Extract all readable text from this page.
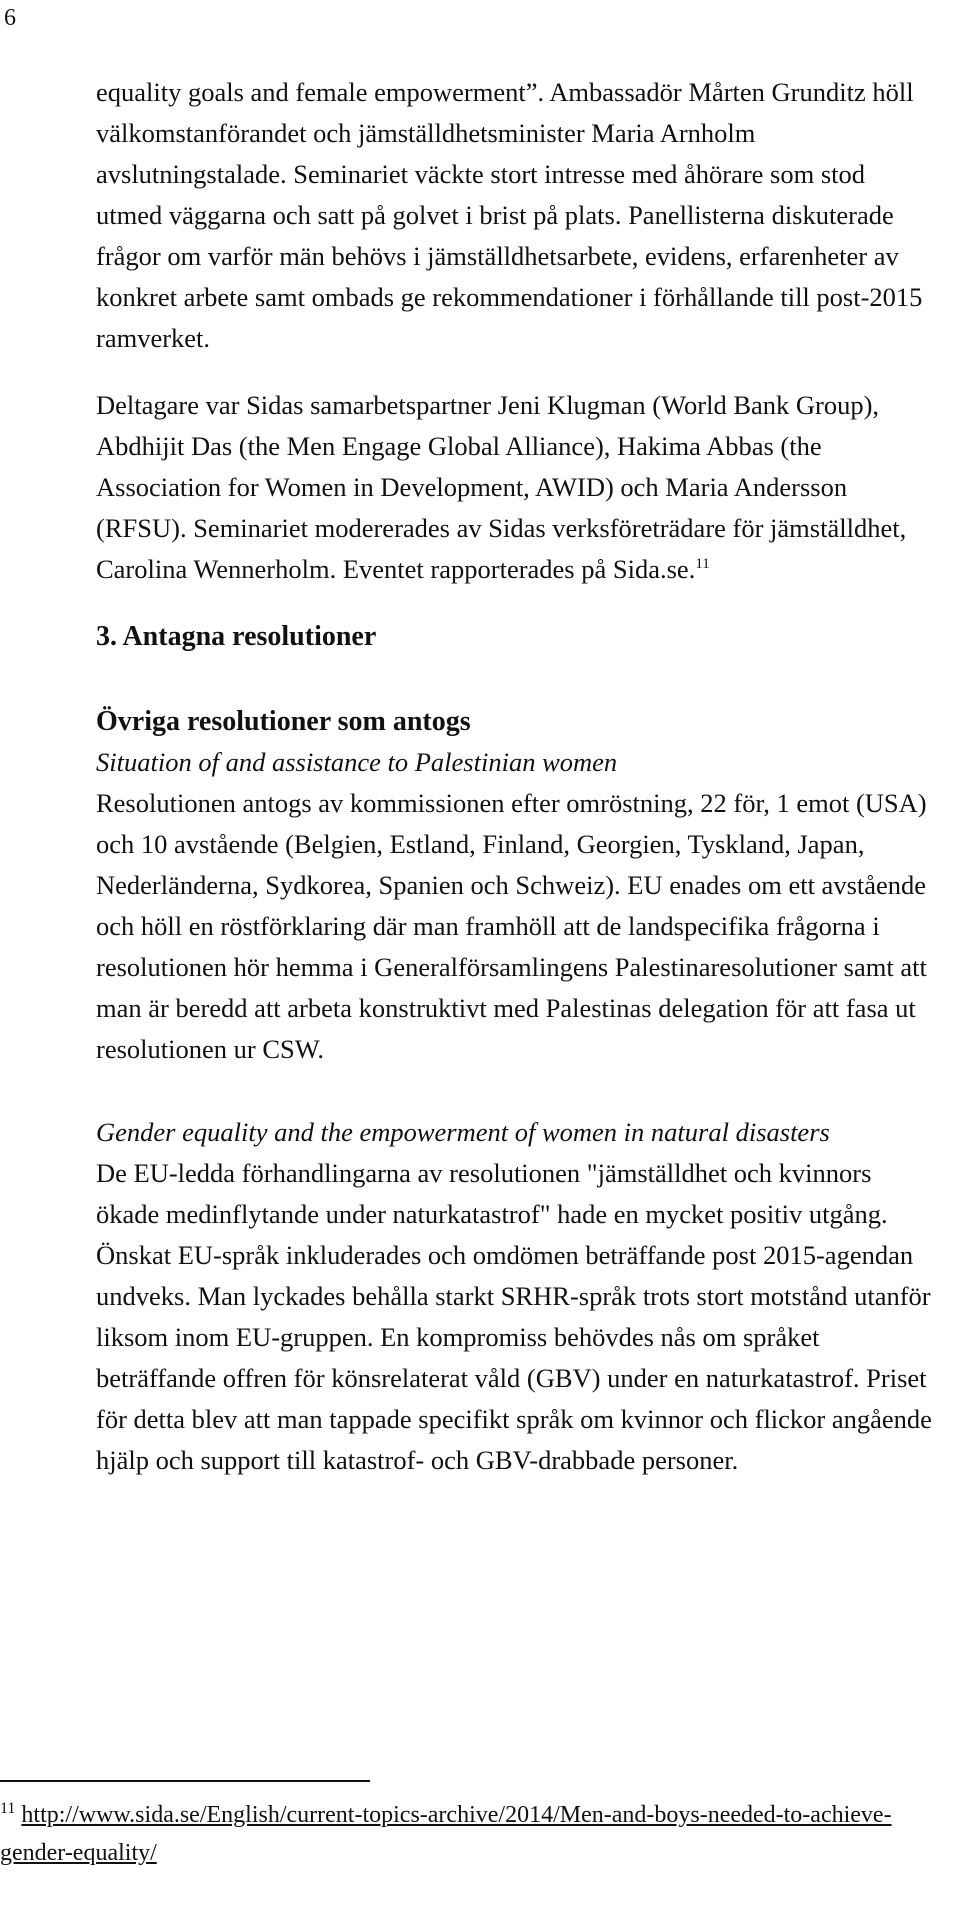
6

equality goals and female empowerment”. Ambassadör Mårten Grunditz höll välkomstanförandet och jämställdhetsminister Maria Arnholm avslutningstalade. Seminariet väckte stort intresse med åhörare som stod utmed väggarna och satt på golvet i brist på plats. Panellisterna diskuterade frågor om varför män behövs i jämställdhetsarbete, evidens, erfarenheter av konkret arbete samt ombads ge rekommendationer i förhållande till post-2015 ramverket.

Deltagare var Sidas samarbetspartner Jeni Klugman (World Bank Group), Abdhijit Das (the Men Engage Global Alliance), Hakima Abbas (the Association for Women in Development, AWID) och Maria Andersson (RFSU). Seminariet modererades av Sidas verksföreträdare för jämställdhet, Carolina Wennerholm. Eventet rapporterades på Sida.se.$^{11}$

3. Antagna resolutioner
Övriga resolutioner som antogs

Situation of and assistance to Palestinian women

Resolutionen antogs av kommissionen efter omröstning, 22 för, 1 emot (USA) och 10 avstående (Belgien, Estland, Finland, Georgien, Tyskland, Japan, Nederländerna, Sydkorea, Spanien och Schweiz). EU enades om ett avstående och höll en röstförklaring där man framhöll att de landspecifika frågorna i resolutionen hör hemma i Generalförsamlingens Palestinaresolutioner samt att man är beredd att arbeta konstruktivt med Palestinas delegation för att fasa ut resolutionen ur CSW.

Gender equality and the empowerment of women in natural disasters

De EU-ledda förhandlingarna av resolutionen "jämställdhet och kvinnors ökade medinflytande under naturkatastrof" hade en mycket positiv utgång. Önskat EU-språk inkluderades och omdömen beträffande post 2015-agendan undveks. Man lyckades behålla starkt SRHR-språk trots stort motstånd utanför liksom inom EU-gruppen. En kompromiss behövdes nås om språket beträffande offren för könsrelaterat våld (GBV) under en naturkatastrof. Priset för detta blev att man tappade specifikt språk om kvinnor och flickor angående hjälp och support till katastrof- och GBV-drabbade personer.

$^{11}$ http://www.sida.se/English/current-topics-archive/2014/Men-and-boys-needed-to-achieve-gender-equality/
